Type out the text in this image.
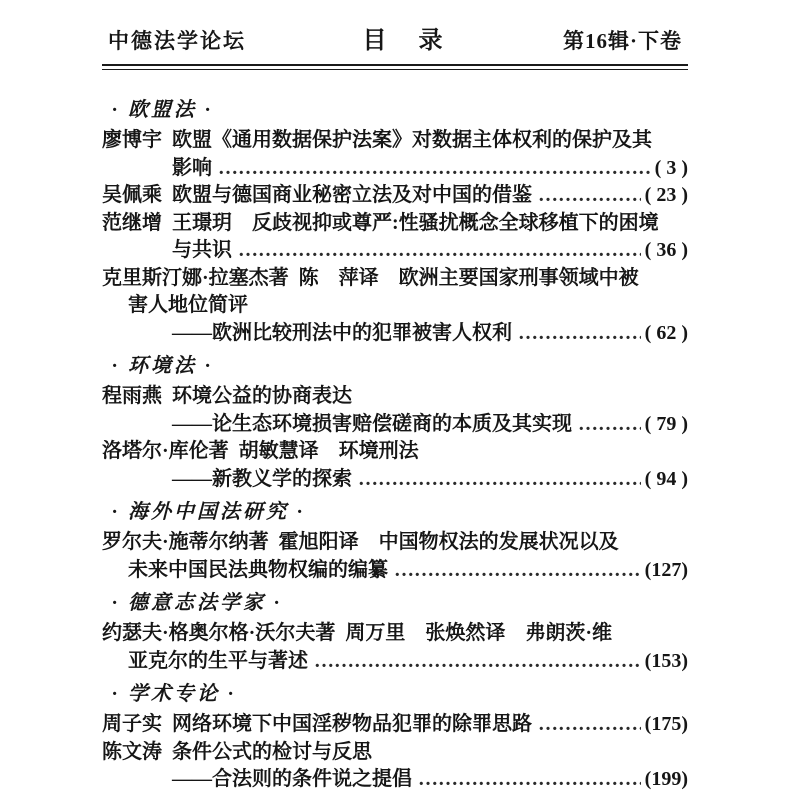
中德法学论坛	目　录	第16辑·下卷
· 欧盟法 ·
廖博宇 欧盟《通用数据保护法案》对数据主体权利的保护及其
影响 ……………………………………………………………………………………………………………………	( 3 )
吴佩乘 欧盟与德国商业秘密立法及对中国的借鉴 ……………………………………………………………………………………………………………………	( 23 )
范继增 王璟玥　反歧视抑或尊严:性骚扰概念全球移植下的困境
与共识 ……………………………………………………………………………………………………………………	( 36 )
克里斯汀娜·拉塞杰著 陈　萍译　欧洲主要国家刑事领域中被
害人地位简评
——欧洲比较刑法中的犯罪被害人权利 ……………………………………………………………………………………………………………………	( 62 )
· 环境法 ·
程雨燕 环境公益的协商表达
——论生态环境损害赔偿磋商的本质及其实现 ……………………………………………………………………………………………………………………	( 79 )
洛塔尔·库伦著 胡敏慧译　环境刑法
——新教义学的探索 ……………………………………………………………………………………………………………………	( 94 )
· 海外中国法研究 ·
罗尔夫·施蒂尔纳著 霍旭阳译　中国物权法的发展状况以及
未来中国民法典物权编的编纂 ……………………………………………………………………………………………………………………	(127)
· 德意志法学家 ·
约瑟夫·格奥尔格·沃尔夫著 周万里　张焕然译　弗朗茨·维
亚克尔的生平与著述 ……………………………………………………………………………………………………………………	(153)
· 学术专论 ·
周子实 网络环境下中国淫秽物品犯罪的除罪思路 ……………………………………………………………………………………………………………………	(175)
陈文涛 条件公式的检讨与反思
——合法则的条件说之提倡 ……………………………………………………………………………………………………………………	(199)
